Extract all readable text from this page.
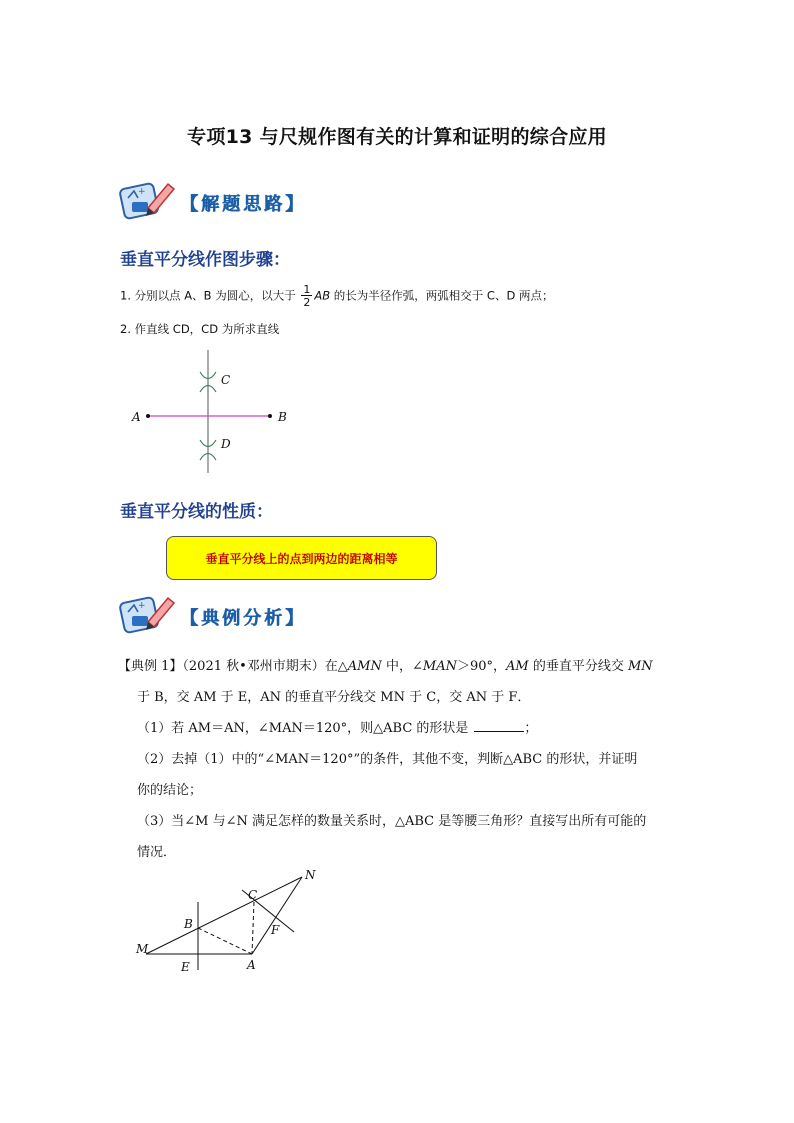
专项13 与尺规作图有关的计算和证明的综合应用
+
【解题思路】
垂直平分线作图步骤：
1. 分别以点 A、B 为圆心，以大于 $\frac{1}{2}$ AB 的长为半径作弧，两弧相交于 C、D 两点；
2. 作直线 CD，CD 为所求直线
A	B
C
D
垂直平分线的性质：
垂直平分线上的点到两边的距离相等
+
【典例分析】
【典例 1】（2021 秋•邓州市期末）在△AMN 中，∠MAN＞90°，AM 的垂直平分线交 MN
于 B，交 AM 于 E，AN 的垂直平分线交 MN 于 C，交 AN 于 F．
（1）若 AM＝AN，∠MAN＝120°，则△ABC 的形状是	；
（2）去掉（1）中的“∠MAN＝120°”的条件，其他不变，判断△ABC 的形状，并证明
你的结论；
（3）当∠M 与∠N 满足怎样的数量关系时，△ABC 是等腰三角形？直接写出所有可能的
情况．
M
N
A
B
C
E
F
